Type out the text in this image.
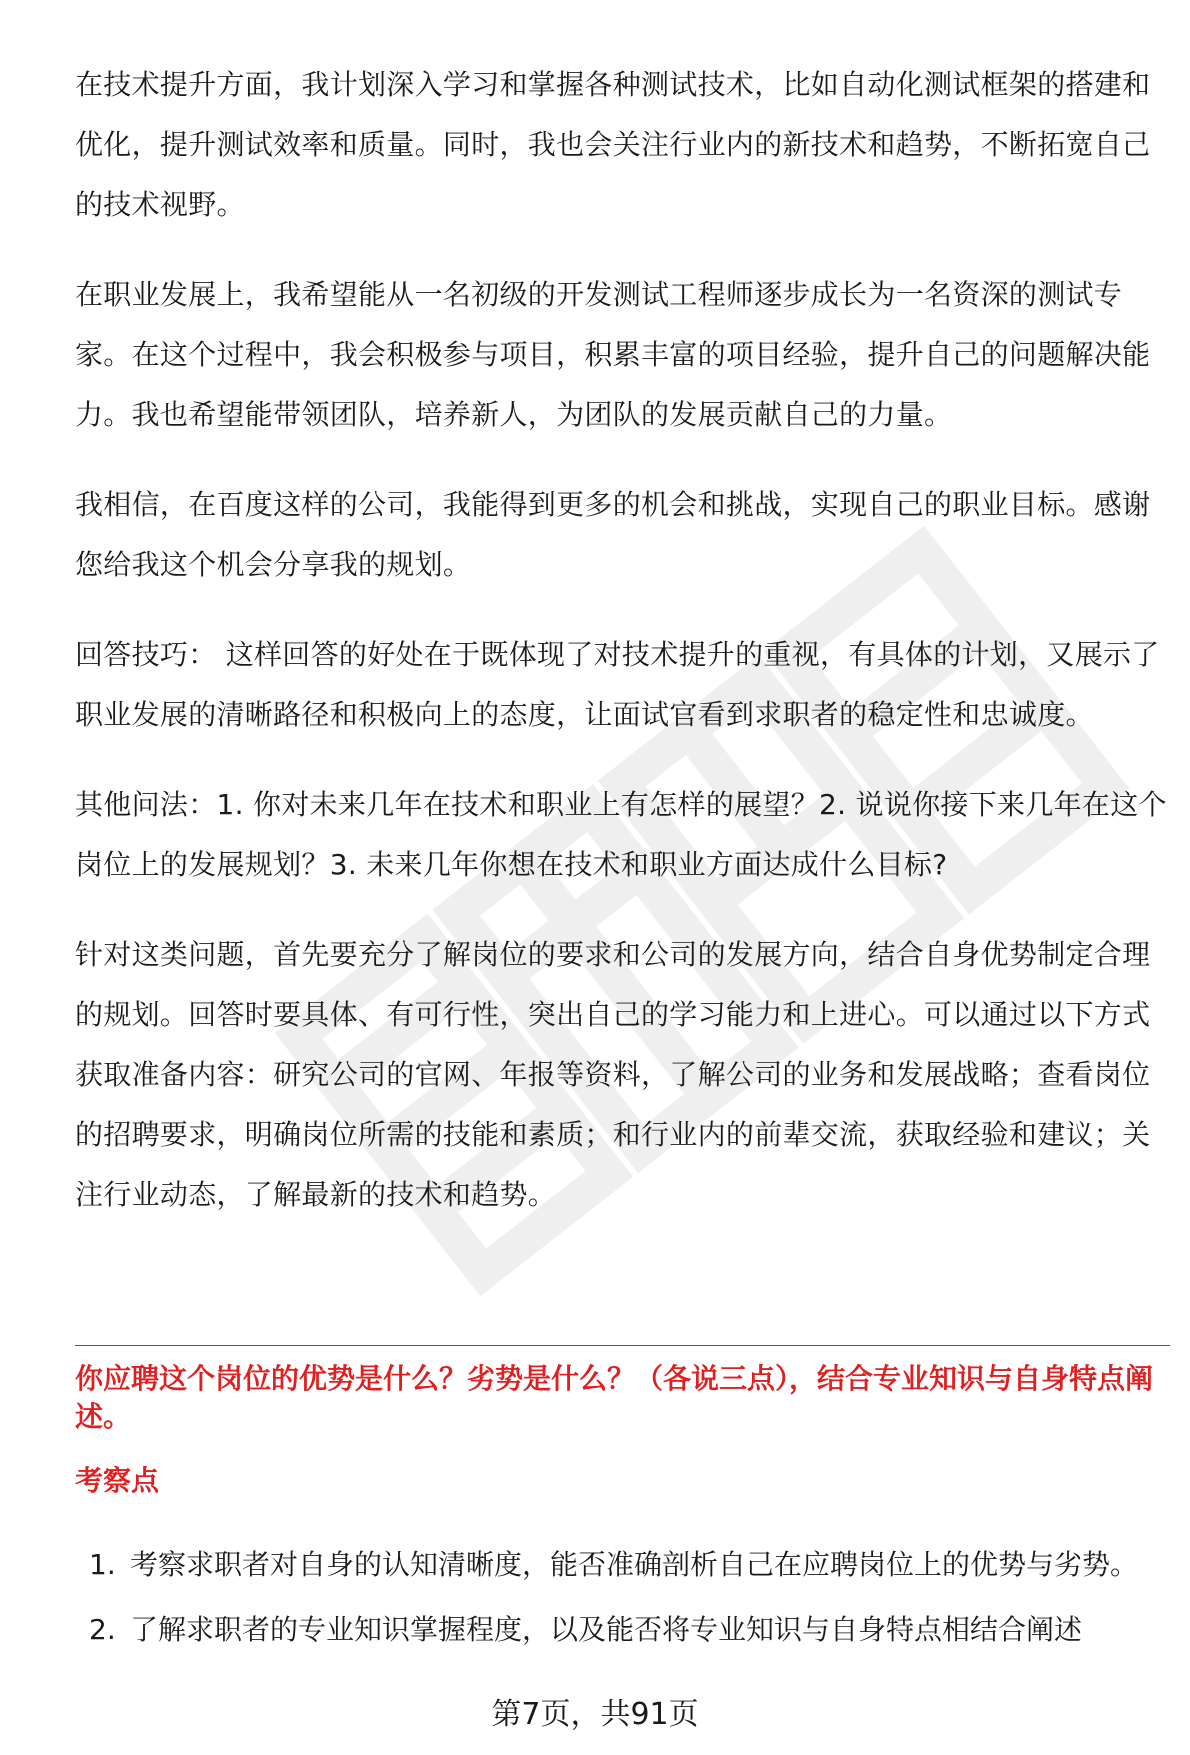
在技术提升方面，我计划深入学习和掌握各种测试技术，比如自动化测试框架的搭建和优化，提升测试效率和质量。同时，我也会关注行业内的新技术和趋势，不断拓宽自己的技术视野。

在职业发展上，我希望能从一名初级的开发测试工程师逐步成长为一名资深的测试专家。在这个过程中，我会积极参与项目，积累丰富的项目经验，提升自己的问题解决能力。我也希望能带领团队，培养新人，为团队的发展贡献自己的力量。

我相信，在百度这样的公司，我能得到更多的机会和挑战，实现自己的职业目标。感谢您给我这个机会分享我的规划。

回答技巧： 这样回答的好处在于既体现了对技术提升的重视，有具体的计划，又展示了职业发展的清晰路径和积极向上的态度，让面试官看到求职者的稳定性和忠诚度。

其他问法：1. 你对未来几年在技术和职业上有怎样的展望？2. 说说你接下来几年在这个岗位上的发展规划？3. 未来几年你想在技术和职业方面达成什么目标?

针对这类问题，首先要充分了解岗位的要求和公司的发展方向，结合自身优势制定合理的规划。回答时要具体、有可行性，突出自己的学习能力和上进心。可以通过以下方式获取准备内容：研究公司的官网、年报等资料，了解公司的业务和发展战略；查看岗位的招聘要求，明确岗位所需的技能和素质；和行业内的前辈交流，获取经验和建议；关注行业动态，了解最新的技术和趋势。

你应聘这个岗位的优势是什么？劣势是什么？（各说三点），结合专业知识与自身特点阐述。

考察点

1. 考察求职者对自身的认知清晰度，能否准确剖析自己在应聘岗位上的优势与劣势。
2. 了解求职者的专业知识掌握程度，以及能否将专业知识与自身特点相结合阐述
第7页，共91页
